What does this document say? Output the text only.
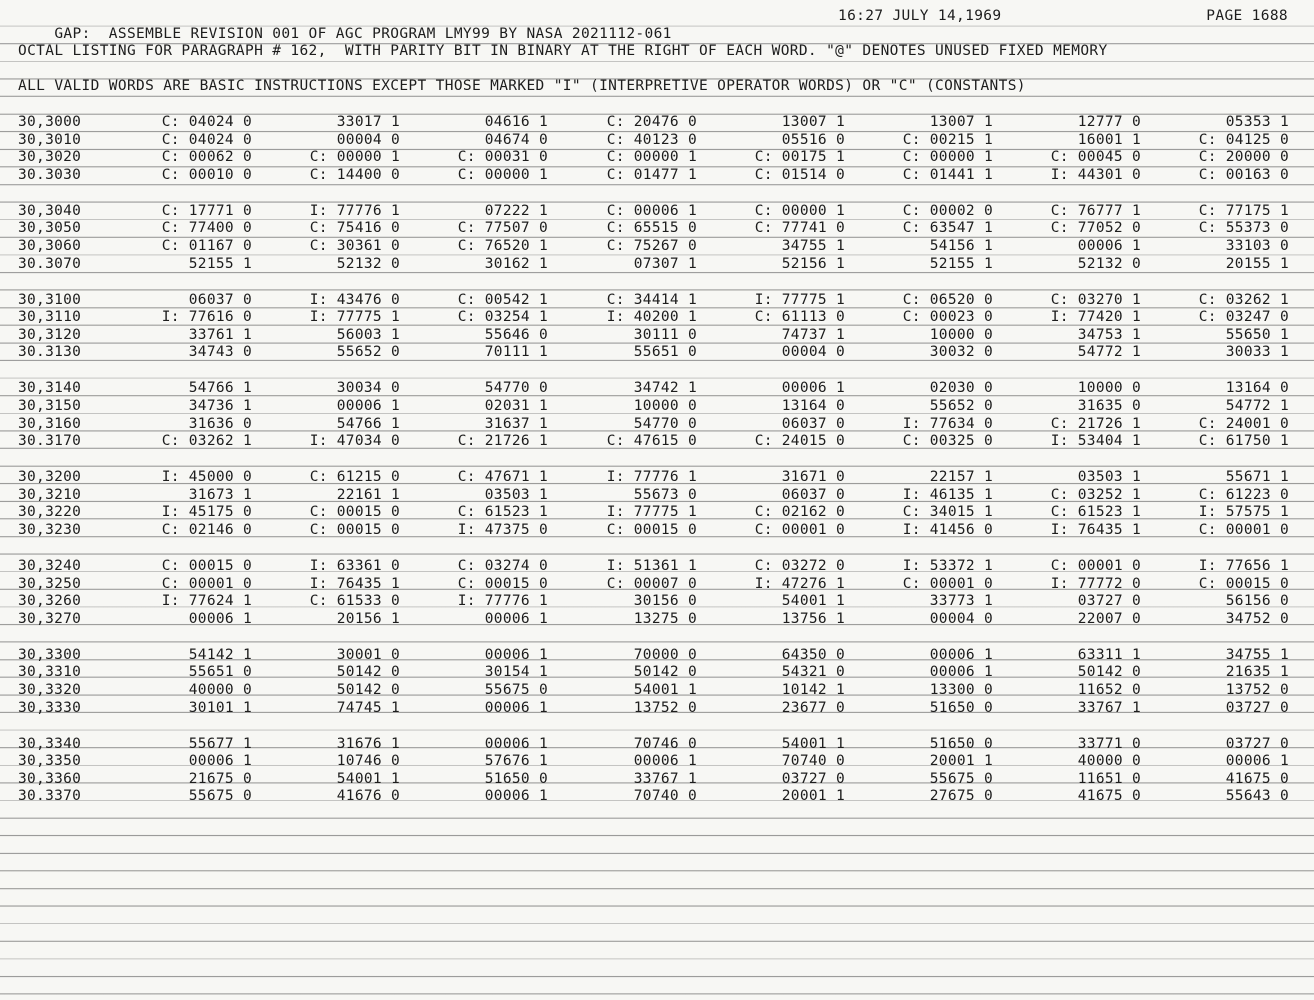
GAP:  ASSEMBLE REVISION 001 OF AGC PROGRAM LMY99 BY NASA 2021112-061

16:27 JULY 14,1969

	PAGE 1688

OCTAL LISTING FOR PARAGRAPH # 162,  WITH PARITY BIT IN BINARY AT THE RIGHT OF EACH WORD. "@" DENOTES UNUSED FIXED MEMORY
ALL VALID WORDS ARE BASIC INSTRUCTIONS EXCEPT THOSE MARKED "I" (INTERPRETIVE OPERATOR WORDS) OR "C" (CONSTANTS)
30,3000	C: 04024 0	33017 1	04616 1	C: 20476 0	13007 1	13007 1	12777 0	05353 1
30,3010	C: 04024 0	00004 0	04674 0	C: 40123 0	05516 0	C: 00215 1	16001 1	C: 04125 0
30,3020	C: 00062 0	C: 00000 1	C: 00031 0	C: 00000 1	C: 00175 1	C: 00000 1	C: 00045 0	C: 20000 0
30.3030	C: 00010 0	C: 14400 0	C: 00000 1	C: 01477 1	C: 01514 0	C: 01441 1	I: 44301 0	C: 00163 0
30,3040	C: 17771 0	I: 77776 1	07222 1	C: 00006 1	C: 00000 1	C: 00002 0	C: 76777 1	C: 77175 1
30,3050	C: 77400 0	C: 75416 0	C: 77507 0	C: 65515 0	C: 77741 0	C: 63547 1	C: 77052 0	C: 55373 0
30,3060	C: 01167 0	C: 30361 0	C: 76520 1	C: 75267 0	34755 1	54156 1	00006 1	33103 0
30.3070	52155 1	52132 0	30162 1	07307 1	52156 1	52155 1	52132 0	20155 1
30,3100	06037 0	I: 43476 0	C: 00542 1	C: 34414 1	I: 77775 1	C: 06520 0	C: 03270 1	C: 03262 1
30,3110	I: 77616 0	I: 77775 1	C: 03254 1	I: 40200 1	C: 61113 0	C: 00023 0	I: 77420 1	C: 03247 0
30,3120	33761 1	56003 1	55646 0	30111 0	74737 1	10000 0	34753 1	55650 1
30.3130	34743 0	55652 0	70111 1	55651 0	00004 0	30032 0	54772 1	30033 1
30,3140	54766 1	30034 0	54770 0	34742 1	00006 1	02030 0	10000 0	13164 0
30,3150	34736 1	00006 1	02031 1	10000 0	13164 0	55652 0	31635 0	54772 1
30,3160	31636 0	54766 1	31637 1	54770 0	06037 0	I: 77634 0	C: 21726 1	C: 24001 0
30.3170	C: 03262 1	I: 47034 0	C: 21726 1	C: 47615 0	C: 24015 0	C: 00325 0	I: 53404 1	C: 61750 1
30,3200	I: 45000 0	C: 61215 0	C: 47671 1	I: 77776 1	31671 0	22157 1	03503 1	55671 1
30,3210	31673 1	22161 1	03503 1	55673 0	06037 0	I: 46135 1	C: 03252 1	C: 61223 0
30,3220	I: 45175 0	C: 00015 0	C: 61523 1	I: 77775 1	C: 02162 0	C: 34015 1	C: 61523 1	I: 57575 1
30,3230	C: 02146 0	C: 00015 0	I: 47375 0	C: 00015 0	C: 00001 0	I: 41456 0	I: 76435 1	C: 00001 0
30,3240	C: 00015 0	I: 63361 0	C: 03274 0	I: 51361 1	C: 03272 0	I: 53372 1	C: 00001 0	I: 77656 1
30,3250	C: 00001 0	I: 76435 1	C: 00015 0	C: 00007 0	I: 47276 1	C: 00001 0	I: 77772 0	C: 00015 0
30,3260	I: 77624 1	C: 61533 0	I: 77776 1	30156 0	54001 1	33773 1	03727 0	56156 0
30,3270	00006 1	20156 1	00006 1	13275 0	13756 1	00004 0	22007 0	34752 0
30,3300	54142 1	30001 0	00006 1	70000 0	64350 0	00006 1	63311 1	34755 1
30,3310	55651 0	50142 0	30154 1	50142 0	54321 0	00006 1	50142 0	21635 1
30,3320	40000 0	50142 0	55675 0	54001 1	10142 1	13300 0	11652 0	13752 0
30,3330	30101 1	74745 1	00006 1	13752 0	23677 0	51650 0	33767 1	03727 0
30,3340	55677 1	31676 1	00006 1	70746 0	54001 1	51650 0	33771 0	03727 0
30,3350	00006 1	10746 0	57676 1	00006 1	70740 0	20001 1	40000 0	00006 1
30,3360	21675 0	54001 1	51650 0	33767 1	03727 0	55675 0	11651 0	41675 0
30.3370	55675 0	41676 0	00006 1	70740 0	20001 1	27675 0	41675 0	55643 0
